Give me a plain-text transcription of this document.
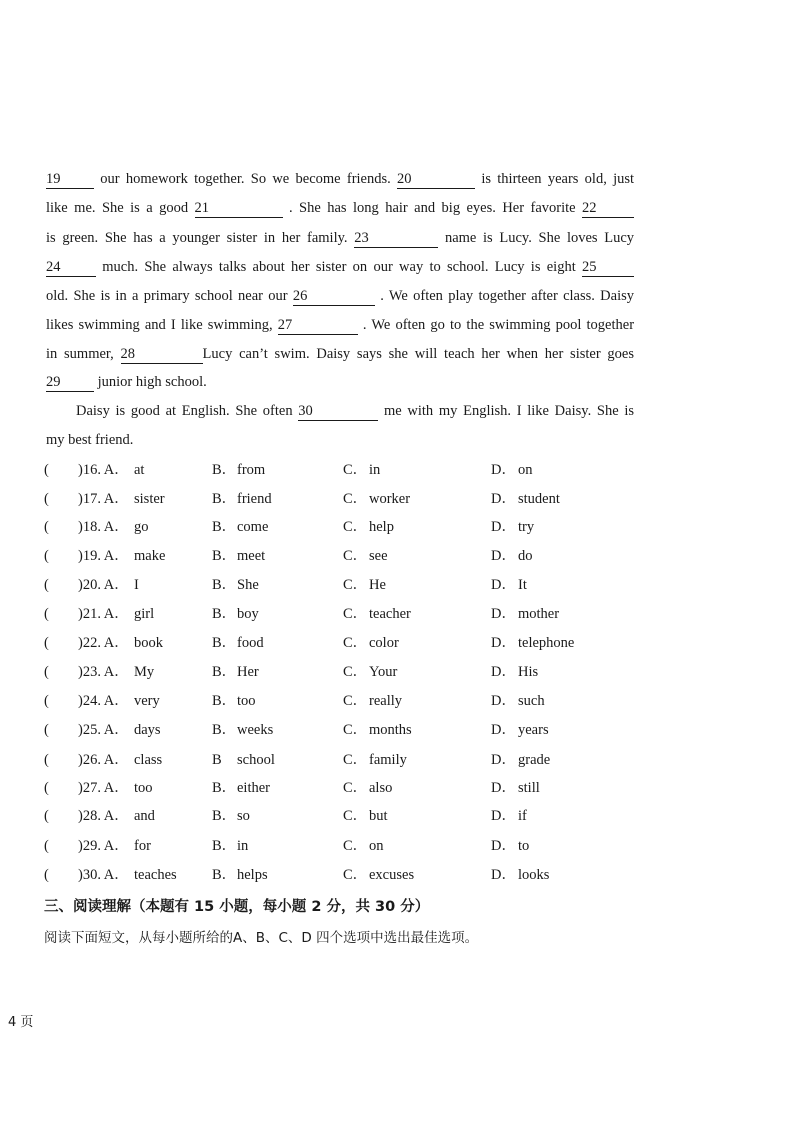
19	our homework together. So we become friends. 20	is thirteen years old, just
like me. She is a good 21	. She has long hair and big eyes. Her favorite 22
is green. She has a younger sister in her family. 23	name is Lucy. She loves Lucy
24	much. She always talks about her sister on our way to school. Lucy is eight 25
old. She is in a primary school near our 26	. We often play together after class. Daisy
likes swimming and I like swimming, 27	. We often go to the swimming pool together
in summer, 28	Lucy can’t swim. Daisy says she will teach her when her sister goes
29	junior high school.
Daisy is good at English. She often 30	me with my English. I like Daisy. She is
my best friend.
( )16. A． at	B． from	C． in	D． on
( )17. A． sister	B． friend	C． worker	D． student
( )18. A． go	B． come	C． help	D． try
( )19. A． make	B． meet	C． see	D． do
( )20. A． I	B． She	C． He	D． It
( )21. A． girl	B． boy	C． teacher	D． mother
( )22. A． book	B． food	C． color	D． telephone
( )23. A． My	B． Her	C． Your	D． His
( )24. A． very	B． too	C． really	D． such
( )25. A． days	B． weeks	C． months	D． years
( )26. A． class	B school	C． family	D． grade
( )27. A． too	B． either	C． also	D． still
( )28. A． and	B． so	C． but	D． if
( )29. A． for	B． in	C． on	D． to
( )30. A． teaches B． helps	C． excuses	D． looks
三、阅读理解（本题有 15 小题，每小题 2 分，共 30 分）
阅读下面短文，从每小题所给的A、B、C、D 四个选项中选出最佳选项。
4 页
